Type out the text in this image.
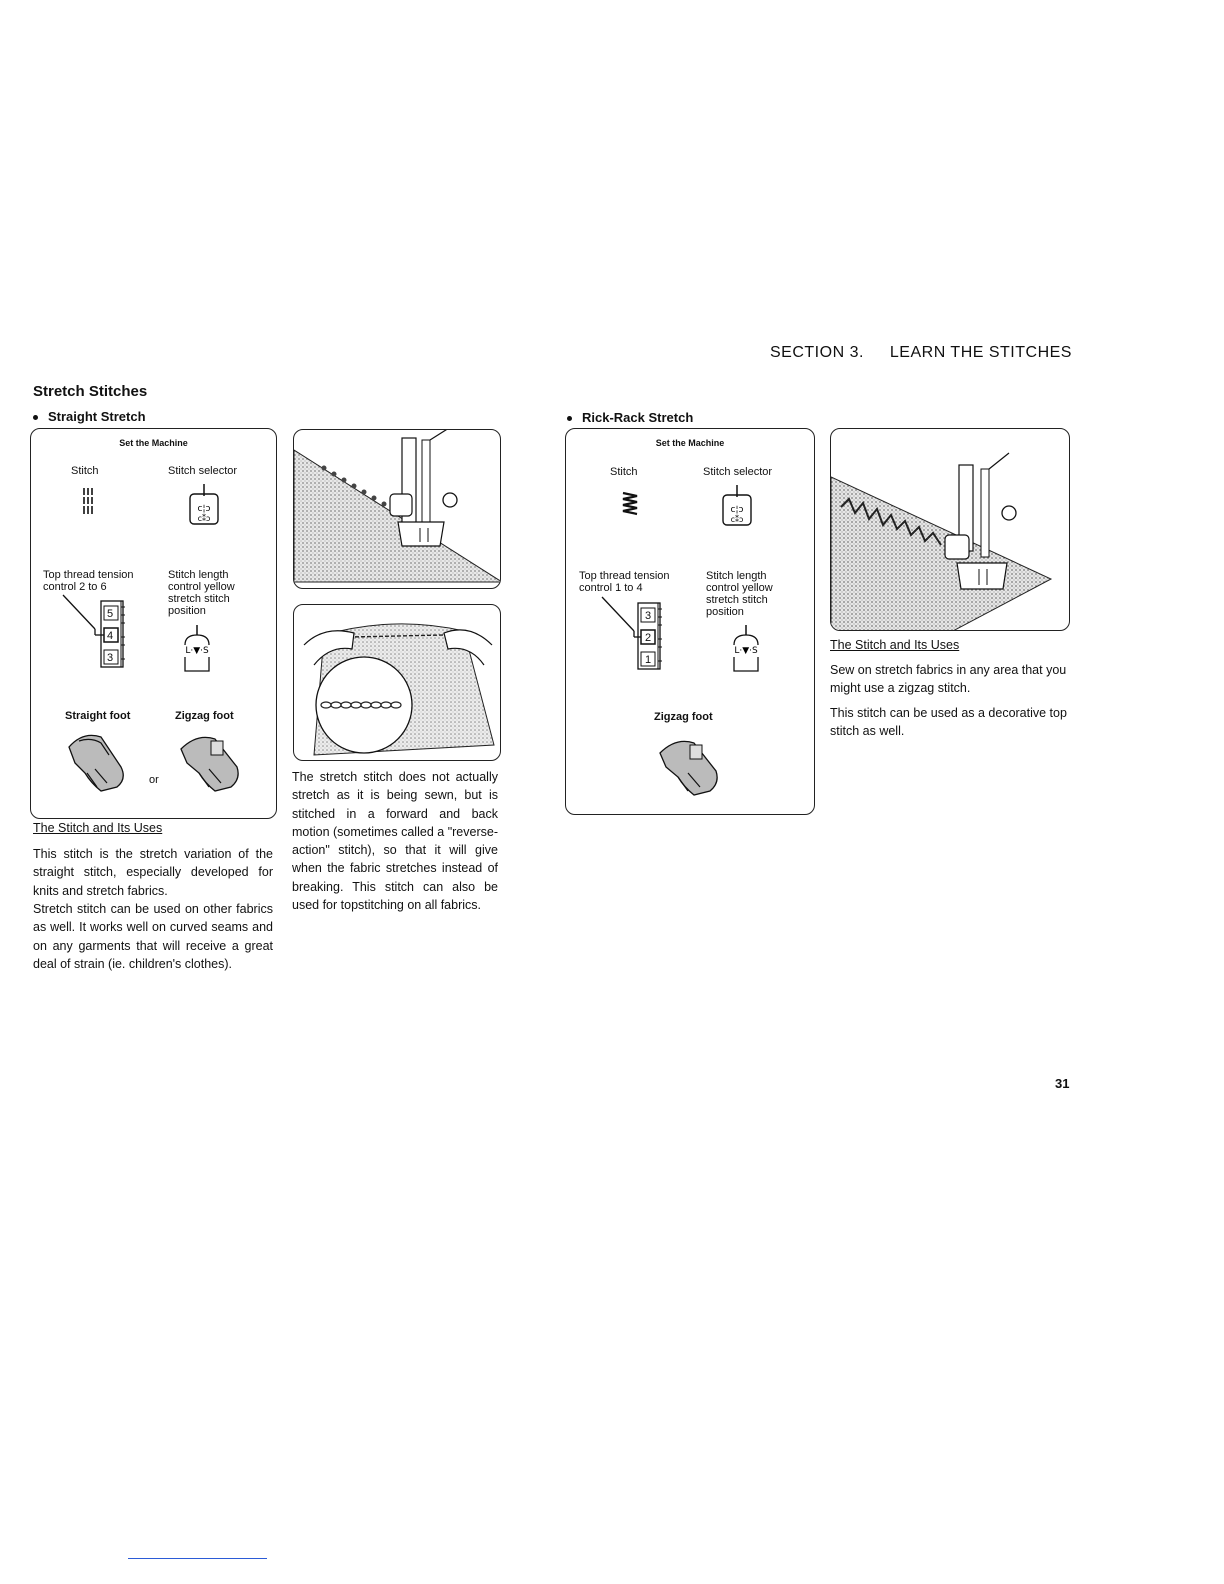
SECTION 3. LEARN THE STITCHES
Stretch Stitches
Straight Stretch
Set the Machine
Stitch	Stitch selector
c¦ɔ
c⁑ɔ
Top thread tension
control 2 to 6
Stitch length
control yellow
stretch stitch
position
5
4
3
L·▼·S
Straight foot	Zigzag foot
or
The Stitch and Its Uses
This stitch is the stretch variation of the straight stitch, especially developed for knits and stretch fabrics.
Stretch stitch can be used on other fabrics as well. It works well on curved seams and on any garments that will receive a great deal of strain (ie. children's clothes).
The stretch stitch does not actually stretch as it is being sewn, but is stitched in a forward and back motion (sometimes called a "reverse-action" stitch), so that it will give when the fabric stretches instead of breaking. This stitch can also be used for topstitching on all fabrics.
Rick-Rack Stretch
Set the Machine
Stitch	Stitch selector
c¦ɔ
c⁑ɔ
Top thread tension
control 1 to 4
Stitch length
control yellow
stretch stitch
position
3
2
1
L·▼·S
Zigzag foot
The Stitch and Its Uses
Sew on stretch fabrics in any area that you might use a zigzag stitch.
This stitch can be used as a decorative top stitch as well.
31
